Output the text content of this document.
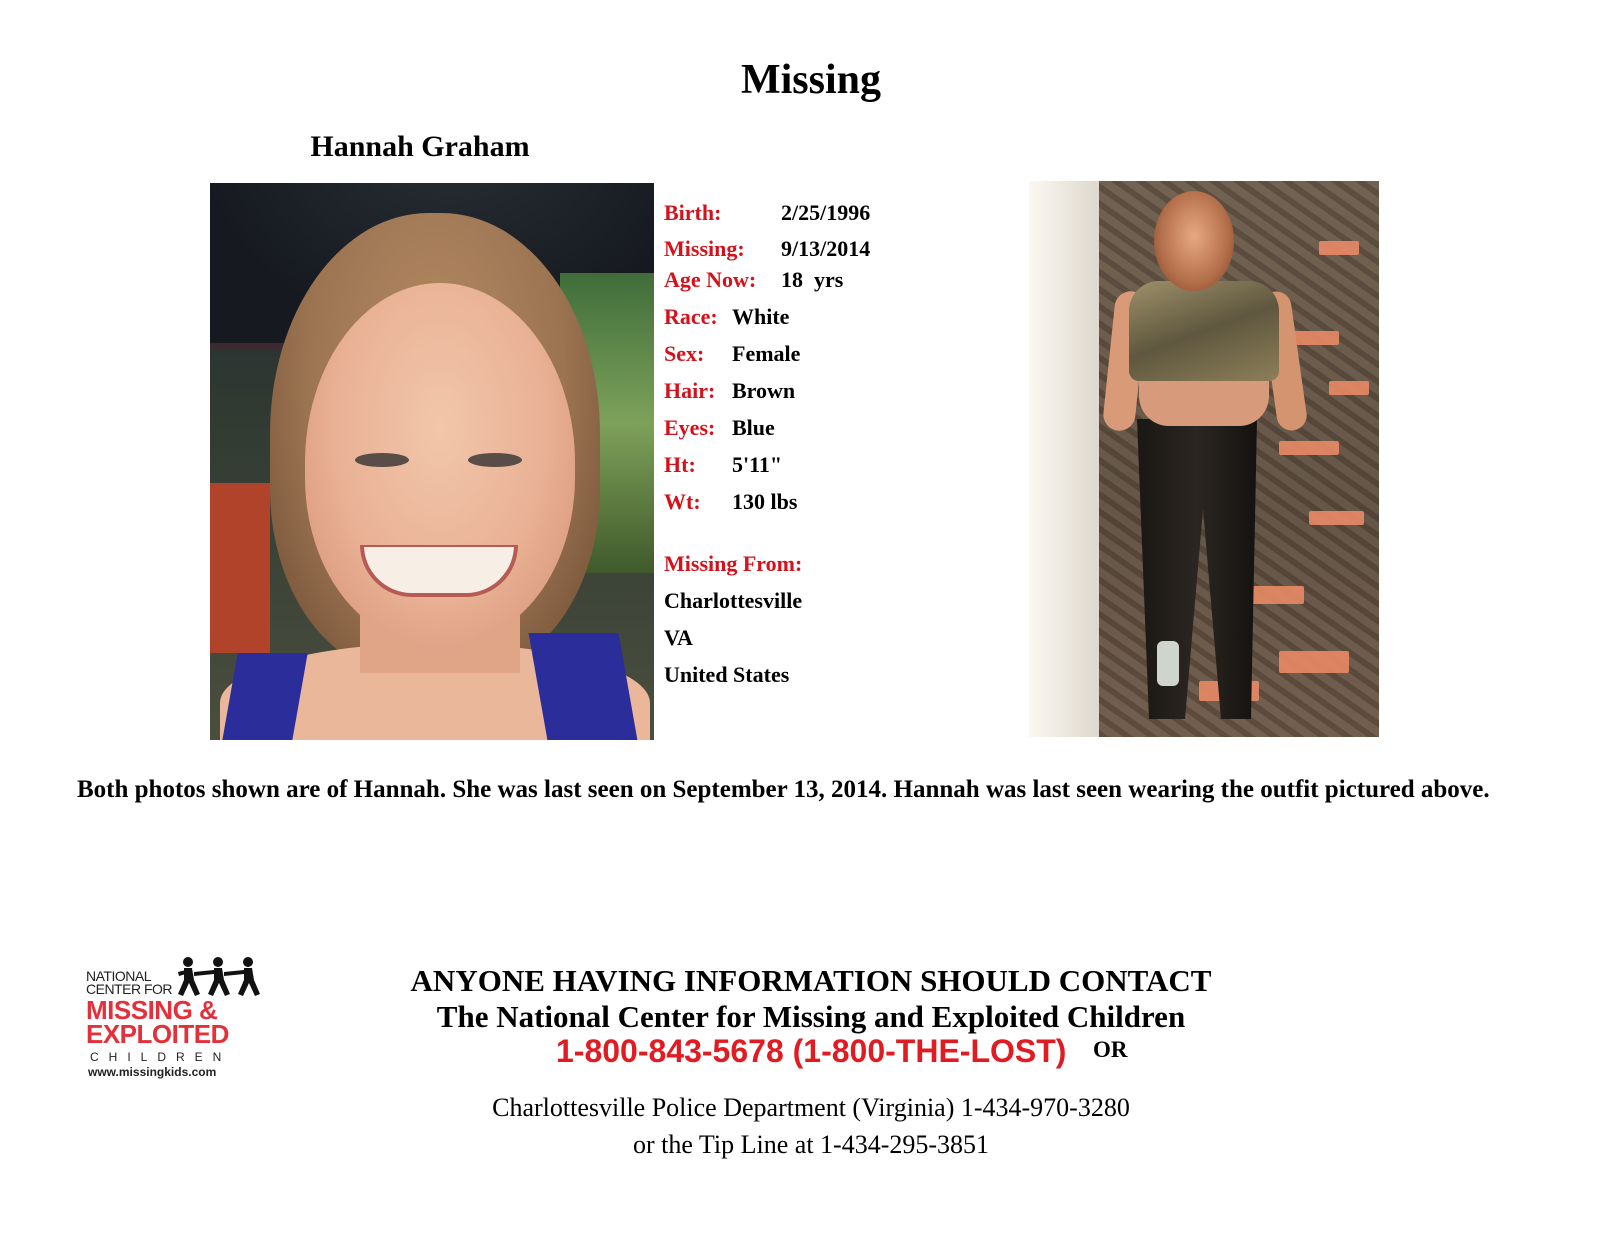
Missing
Hannah Graham
Birth:	2/25/1996
Missing: 9/13/2014
Age Now: 18  yrs
Race: White
Sex: Female
Hair: Brown
Eyes: Blue
Ht: 5'11"
Wt: 130 lbs
Missing From:
Charlottesville
VA
United States
Both photos shown are of Hannah. She was last seen on September 13, 2014. Hannah was last seen wearing the outfit pictured above.
NATIONAL
CENTER FOR
MISSING &
EXPLOITED
CHILDREN
www.missingkids.com
ANYONE HAVING INFORMATION SHOULD CONTACT
The National Center for Missing and Exploited Children
1-800-843-5678 (1-800-THE-LOST) OR
Charlottesville Police Department (Virginia) 1-434-970-3280
or the Tip Line at 1-434-295-3851
